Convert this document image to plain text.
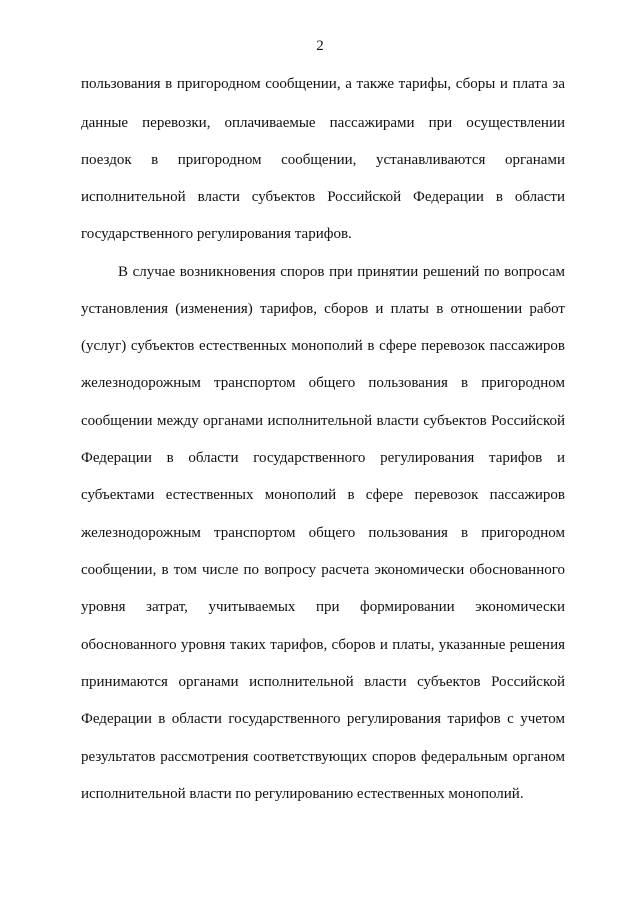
2
пользования в пригородном сообщении, а также тарифы, сборы и плата за
данные перевозки, оплачиваемые пассажирами при осуществлении
поездок в пригородном сообщении, устанавливаются органами
исполнительной власти субъектов Российской Федерации в области
государственного регулирования тарифов.
В случае возникновения споров при принятии решений по вопросам
установления (изменения) тарифов, сборов и платы в отношении работ
(услуг) субъектов естественных монополий в сфере перевозок пассажиров
железнодорожным транспортом общего пользования в пригородном
сообщении между органами исполнительной власти субъектов Российской
Федерации в области государственного регулирования тарифов и
субъектами естественных монополий в сфере перевозок пассажиров
железнодорожным транспортом общего пользования в пригородном
сообщении, в том числе по вопросу расчета экономически обоснованного
уровня затрат, учитываемых при формировании экономически
обоснованного уровня таких тарифов, сборов и платы, указанные решения
принимаются органами исполнительной власти субъектов Российской
Федерации в области государственного регулирования тарифов с учетом
результатов рассмотрения соответствующих споров федеральным органом
исполнительной власти по регулированию естественных монополий.
